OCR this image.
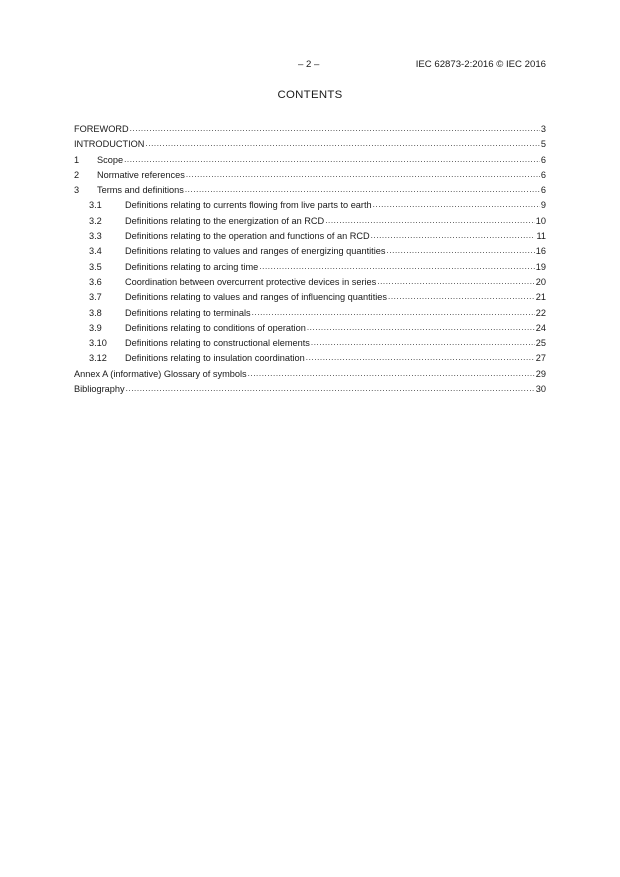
– 2 –	IEC 62873-2:2016 © IEC 2016
CONTENTS
FOREWORD .....	3
INTRODUCTION .....	5
1	Scope .....	6
2	Normative references .....	6
3	Terms and definitions .....	6
3.1	Definitions relating to currents flowing from live parts to earth .....	9
3.2	Definitions relating to the energization of an RCD .....	10
3.3	Definitions relating to the operation and functions of an RCD .....	11
3.4	Definitions relating to values and ranges of energizing quantities .....	16
3.5	Definitions relating to arcing time .....	19
3.6	Coordination between overcurrent protective devices in series .....	20
3.7	Definitions relating to values and ranges of influencing quantities .....	21
3.8	Definitions relating to terminals .....	22
3.9	Definitions relating to conditions of operation .....	24
3.10	Definitions relating to constructional elements .....	25
3.12	Definitions relating to insulation coordination .....	27
Annex A (informative) Glossary of symbols .....	29
Bibliography .....	30
